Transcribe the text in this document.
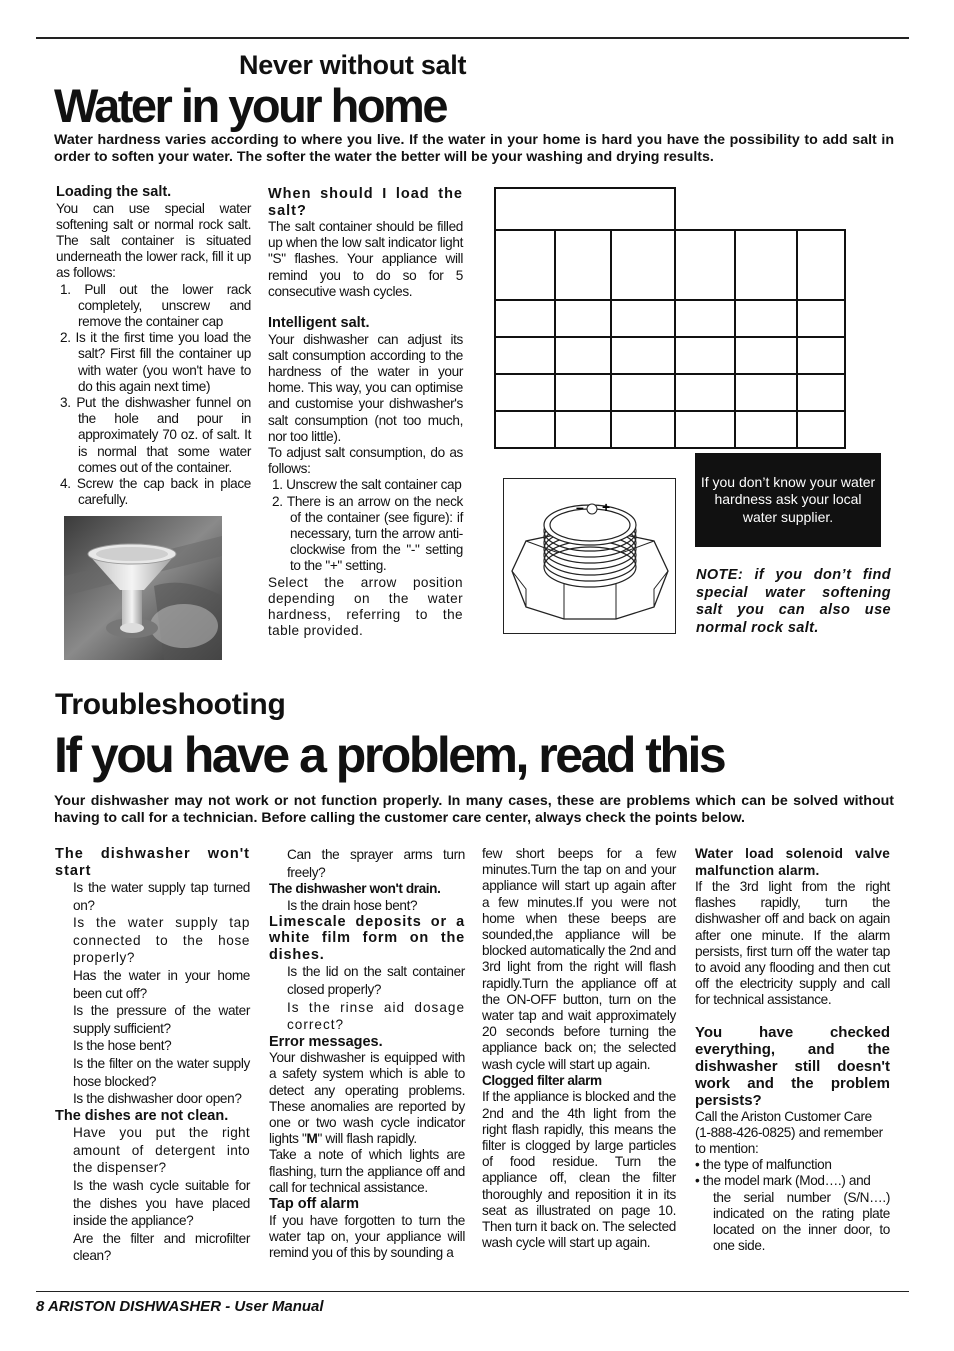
Never without salt
Water in your home
Water hardness varies according to where you live. If the water in your home is hard you have the possibility to add salt in order to soften your water. The softer the water the better will be your washing and drying results.
Loading the salt.

You can use special water softening salt or normal rock salt. The salt container is situated underneath the lower rack, fill it up as follows:

1. Pull out the lower rack completely, unscrew and remove the container cap
2. Is it the first time you load the salt? First fill the container up with water (you won't have to do this again next time)
3. Put the dishwasher funnel on the hole and pour in approximately 70 oz. of salt. It is normal that some water comes out of the container.
4. Screw the cap back in place carefully.
When should I load the salt?

The salt container should be filled up when the low salt indicator light "S" flashes. Your appliance will remind you to do so for 5 consecutive wash cycles.

Intelligent salt.

Your dishwasher can adjust its salt consumption according to the hardness of the water in your home. This way, you can optimise and customise your dishwasher's salt consumption (not too much, nor too little).

To adjust salt consumption, do as follows:

1. Unscrew the salt container cap
2. There is an arrow on the neck of the container (see figure): if necessary, turn the arrow anti-clockwise from the "-" setting to the "+" setting.

Select the arrow position depending on the water hardness, referring to the table provided.

– +
If you don’t know your water hardness ask your local water supplier.
NOTE: if you don’t find special water softening salt you can also use normal rock salt.
Troubleshooting
If you have a problem, read this
Your dishwasher may not work or not function properly. In many cases, these are problems which can be solved without having to call for a technician. Before calling the customer care center, always check the points below.
The dishwasher won't start

Is the water supply tap turned on?

Is the water supply tap connected to the hose properly?

Has the water in your home been cut off?

Is the pressure of the water supply sufficient?

Is the hose bent?

Is the filter on the water supply hose blocked?

Is the dishwasher door open?

The dishes are not clean.

Have you put the right amount of detergent into the dispenser?

Is the wash cycle suitable for the dishes you have placed inside the appliance?

Are the filter and microfilter clean?

Can the sprayer arms turn freely?

The dishwasher won't drain.

Is the drain hose bent?

Limescale deposits or a white film form on the dishes.

Is the lid on the salt container closed properly?

Is the rinse aid dosage correct?

Error messages.

Your dishwasher is equipped with a safety system which is able to detect any operating problems. These anomalies are reported by one or two wash cycle indicator lights "M" will flash rapidly.

Take a note of which lights are flashing, turn the appliance off and call for technical assistance.

Tap off alarm

If you have forgotten to turn the water tap on, your appliance will remind you of this by sounding a

few short beeps for a few minutes.Turn the tap on and your appliance will start up again after a few minutes.If you were not home when these beeps are sounded,the appliance will be blocked automatically the 2nd and 3rd light from the right will flash rapidly.Turn the appliance off at the ON-OFF button, turn on the water tap and wait approximately 20 seconds before turning the appliance back on; the selected wash cycle will start up again.

Clogged filter alarm

If the appliance is blocked and the 2nd and the 4th light from the right flash rapidly, this means the filter is clogged by large particles of food residue. Turn the appliance off, clean the filter thoroughly and reposition it in its seat as illustrated on page 10. Then turn it back on. The selected wash cycle will start up again.

Water load solenoid valve malfunction alarm.

If the 3rd light from the right flashes rapidly, turn the dishwasher off and back on again after one minute. If the alarm persists, first turn off the water tap to avoid any flooding and then cut off the electricity supply and call for technical assistance.

You have checked everything, and the dishwasher still doesn't work and the problem persists?

Call the Ariston Customer Care (1-888-426-0825) and remember to mention:

• the type of malfunction
• the model mark (Mod….) and
the serial number (S/N….) indicated on the rating plate located on the inner door, to one side.
8 ARISTON DISHWASHER - User Manual
